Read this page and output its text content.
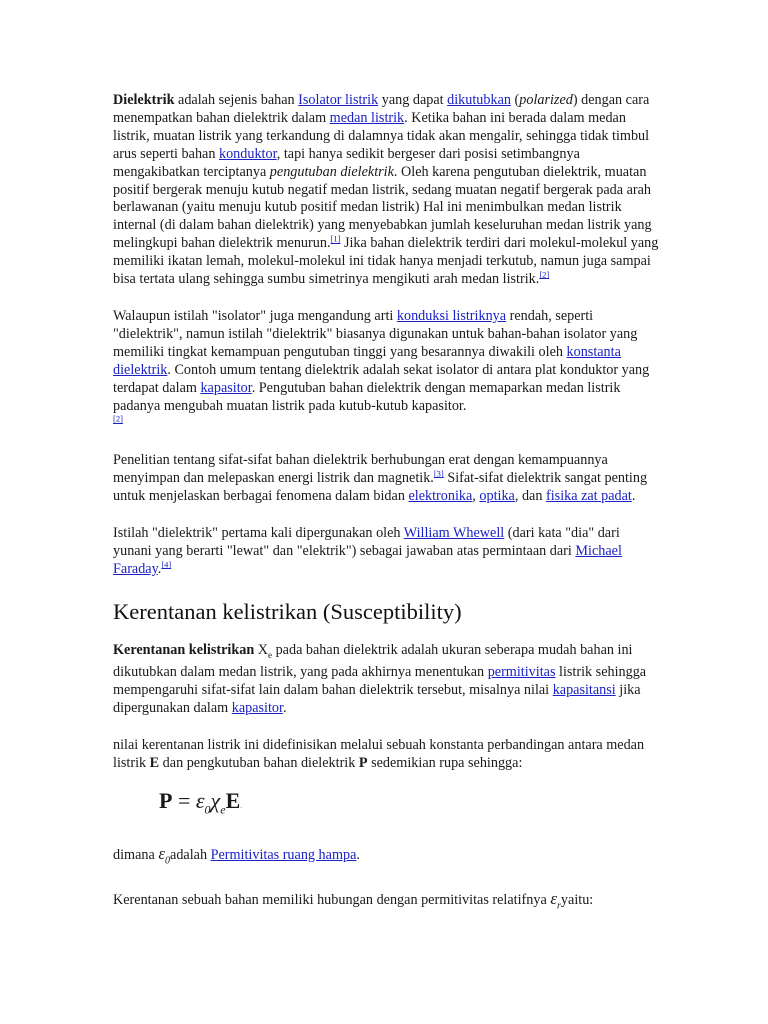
Dielektrik adalah sejenis bahan Isolator listrik yang dapat dikutubkan (polarized) dengan cara menempatkan bahan dielektrik dalam medan listrik. Ketika bahan ini berada dalam medan listrik, muatan listrik yang terkandung di dalamnya tidak akan mengalir, sehingga tidak timbul arus seperti bahan konduktor, tapi hanya sedikit bergeser dari posisi setimbangnya mengakibatkan terciptanya pengutuban dielektrik. Oleh karena pengutuban dielektrik, muatan positif bergerak menuju kutub negatif medan listrik, sedang muatan negatif bergerak pada arah berlawanan (yaitu menuju kutub positif medan listrik) Hal ini menimbulkan medan listrik internal (di dalam bahan dielektrik) yang menyebabkan jumlah keseluruhan medan listrik yang melingkupi bahan dielektrik menurun.[1] Jika bahan dielektrik terdiri dari molekul-molekul yang memiliki ikatan lemah, molekul-molekul ini tidak hanya menjadi terkutub, namun juga sampai bisa tertata ulang sehingga sumbu simetrinya mengikuti arah medan listrik.[2]

Walaupun istilah "isolator" juga mengandung arti konduksi listriknya rendah, seperti "dielektrik", namun istilah "dielektrik" biasanya digunakan untuk bahan-bahan isolator yang memiliki tingkat kemampuan pengutuban tinggi yang besarannya diwakili oleh konstanta dielektrik. Contoh umum tentang dielektrik adalah sekat isolator di antara plat konduktor yang terdapat dalam kapasitor. Pengutuban bahan dielektrik dengan memaparkan medan listrik padanya mengubah muatan listrik pada kutub-kutub kapasitor.
[2]

Penelitian tentang sifat-sifat bahan dielektrik berhubungan erat dengan kemampuannya menyimpan dan melepaskan energi listrik dan magnetik.[3] Sifat-sifat dielektrik sangat penting untuk menjelaskan berbagai fenomena dalam bidan elektronika, optika, dan fisika zat padat.

Istilah "dielektrik" pertama kali dipergunakan oleh William Whewell (dari kata "dia" dari yunani yang berarti "lewat" dan "elektrik") sebagai jawaban atas permintaan dari Michael Faraday.[4]

Kerentanan kelistrikan (Susceptibility)

Kerentanan kelistrikan $X_e$ pada bahan dielektrik adalah ukuran seberapa mudah bahan ini dikutubkan dalam medan listrik, yang pada akhirnya menentukan permitivitas listrik sehingga mempengaruhi sifat-sifat lain dalam bahan dielektrik tersebut, misalnya nilai kapasitansi jika dipergunakan dalam kapasitor.

nilai kerentanan listrik ini didefinisikan melalui sebuah konstanta perbandingan antara medan listrik E dan pengkutuban bahan dielektrik P sedemikian rupa sehingga:

$P = \varepsilon_0\chi_eE$.

dimana $\varepsilon_0adalah$ Permitivitas ruang hampa.

Kerentanan sebuah bahan memiliki hubungan dengan permitivitas relatifnya $\varepsilon_ryaitu$:
